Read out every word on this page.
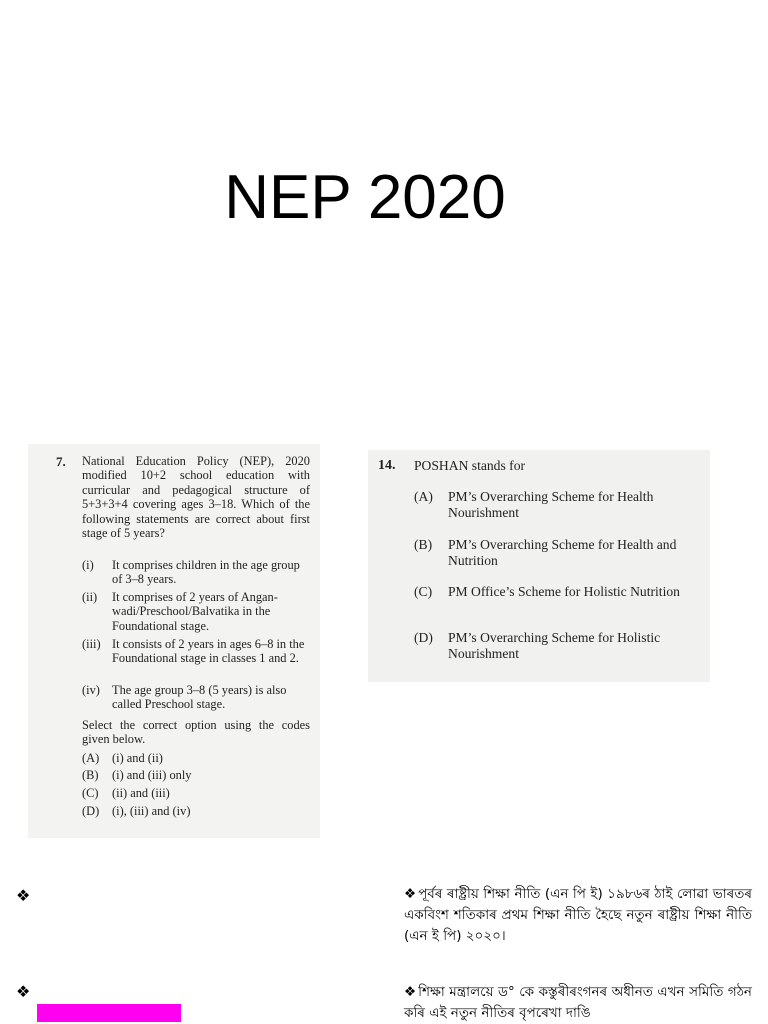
NEP 2020
7. National Education Policy (NEP), 2020 modified 10+2 school education with curricular and pedagogical structure of 5+3+3+4 covering ages 3–18. Which of the following statements are correct about first stage of 5 years?
(i) It comprises children in the age group of 3–8 years.
(ii) It comprises of 2 years of Angan-wadi/Preschool/Balvatika in the Foundational stage.
(iii) It consists of 2 years in ages 6–8 in the Foundational stage in classes 1 and 2.
(iv) The age group 3–8 (5 years) is also called Preschool stage.
Select the correct option using the codes given below.
(A) (i) and (ii)
(B) (i) and (iii) only
(C) (ii) and (iii)
(D) (i), (iii) and (iv)
14. POSHAN stands for
(A) PM’s Overarching Scheme for Health Nourishment
(B) PM’s Overarching Scheme for Health and Nutrition
(C) PM Office’s Scheme for Holistic Nutrition
(D) PM’s Overarching Scheme for Holistic Nourishment
❖
❖
❖ পূৰ্বৰ ৰাষ্ট্ৰীয় শিক্ষা নীতি (এন পি ই) ১৯৮৬ৰ ঠাই লোৱা ভাৰতৰ একবিংশ শতিকাৰ প্ৰথম শিক্ষা নীতি হৈছে নতুন ৰাষ্ট্ৰীয় শিক্ষা নীতি (এন ই পি) ২০২০।
❖ শিক্ষা মন্ত্ৰালয়ে ড° কে কস্তুৰীৰংগনৰ অধীনত এখন সমিতি গঠন কৰি এই নতুন নীতিৰ বৃপৰেখা দাঙি
